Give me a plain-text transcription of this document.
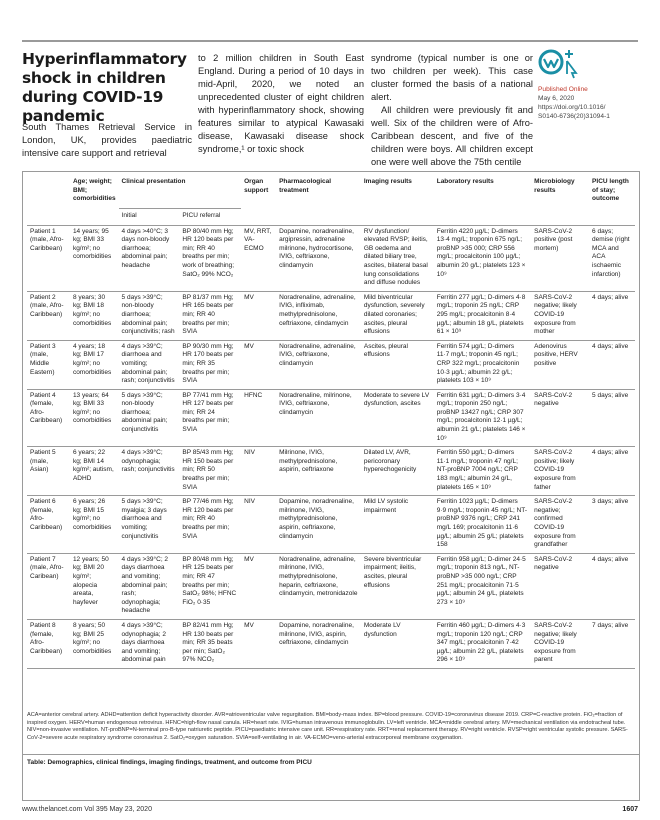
Hyperinflammatory shock in children during COVID-19 pandemic
South Thames Retrieval Service in London, UK, provides paediatric intensive care support and retrieval
to 2 million children in South East England. During a period of 10 days in mid-April, 2020, we noted an unprecedented cluster of eight children with hyperinflammatory shock, showing features similar to atypical Kawasaki disease, Kawasaki disease shock syndrome,¹ or toxic shock

syndrome (typical number is one or two children per week). This case cluster formed the basis of a national alert.

All children were previously fit and well. Six of the children were of Afro-Caribbean descent, and five of the children were boys. All children except one were well above the 75th centile

Published Online
May 6, 2020
https://doi.org/10.1016/
S0140-6736(20)31094-1
	Age; weight; BMI; comorbidities	Clinical presentation		Organ support	Pharmacological treatment	Imaging results	Laboratory results	Microbiology results	PICU length of stay; outcome
		Initial	PICU referral						
Patient 1 (male, Afro-Caribbean)	14 years; 95 kg; BMI 33 kg/m²; no comorbidities	4 days >40°C; 3 days non-bloody diarrhoea; abdominal pain; headache	BP 80/40 mm Hg; HR 120 beats per min; RR 40 breaths per min; work of breathing; SatO₂ 99% NCO₂	MV, RRT, VA-ECMO	Dopamine, noradrenaline, argipressin, adrenaline milrinone, hydrocortisone, IVIG, ceftriaxone, clindamycin	RV dysfunction/ elevated RVSP; ileitis, GB oedema and dilated biliary tree, ascites, bilateral basal lung consolidations and diffuse nodules	Ferritin 4220 µg/L; D-dimers 13·4 mg/L; troponin 675 ng/L; proBNP >35 000; CRP 556 mg/L; procalcitonin 100 µg/L; albumin 20 g/L; platelets 123 × 10⁹	SARS-CoV-2 positive (post mortem)	6 days; demise (right MCA and ACA ischaemic infarction)
Patient 2 (male, Afro-Caribbean)	8 years; 30 kg; BMI 18 kg/m²; no comorbidities	5 days >39°C; non-bloody diarrhoea; abdominal pain; conjunctivitis; rash	BP 81/37 mm Hg; HR 165 beats per min; RR 40 breaths per min; SVIA	MV	Noradrenaline, adrenaline, IVIG, infliximab, methylprednisolone, ceftriaxone, clindamycin	Mild biventricular dysfunction, severely dilated coronaries; ascites, pleural effusions	Ferritin 277 µg/L; D-dimers 4·8 mg/L; troponin 25 ng/L; CRP 295 mg/L; procalcitonin 8·4 µg/L; albumin 18 g/L, platelets 61 × 10⁹	SARS-CoV-2 negative; likely COVID-19 exposure from mother	4 days; alive
Patient 3 (male, Middle Eastern)	4 years; 18 kg; BMI 17 kg/m²; no comorbidities	4 days >39°C; diarrhoea and vomiting; abdominal pain; rash; conjunctivitis	BP 90/30 mm Hg; HR 170 beats per min; RR 35 breaths per min; SVIA	MV	Noradrenaline, adrenaline, IVIG, ceftriaxone, clindamycin	Ascites, pleural effusions	Ferritin 574 µg/L; D-dimers 11·7 mg/L; troponin 45 ng/L; CRP 322 mg/L; procalcitonin 10·3 µg/L; albumin 22 g/L; platelets 103 × 10⁹	Adenovirus positive, HERV positive	4 days; alive
Patient 4 (female, Afro-Caribbean)	13 years; 64 kg; BMI 33 kg/m²; no comorbidities	5 days >39°C; non-bloody diarrhoea; abdominal pain; conjunctivitis	BP 77/41 mm Hg; HR 127 beats per min; RR 24 breaths per min; SVIA	HFNC	Noradrenaline, milrinone, IVIG, ceftriaxone, clindamycin	Moderate to severe LV dysfunction, ascites	Ferritin 631 µg/L; D-dimers 3·4 mg/L; troponin 250 ng/L; proBNP 13427 ng/L; CRP 307 mg/L; procalcitonin 12·1 µg/L; albumin 21 g/L; platelets 146 × 10⁹	SARS-CoV-2 negative	5 days; alive
Patient 5 (male, Asian)	6 years; 22 kg; BMI 14 kg/m²; autism, ADHD	4 days >39°C; odynophagia; rash; conjunctivitis	BP 85/43 mm Hg; HR 150 beats per min; RR 50 breaths per min; SVIA	NIV	Milrinone, IVIG, methylprednisolone, aspirin, ceftriaxone	Dilated LV, AVR, pericoronary hyperechogenicity	Ferritin 550 µg/L; D-dimers 11·1 mg/L; troponin 47 ng/L; NT-proBNP 7004 ng/L; CRP 183 mg/L; albumin 24 g/L, platelets 165 × 10⁹	SARS-CoV-2 positive; likely COVID-19 exposure from father	4 days; alive
Patient 6 (female, Afro-Caribbean)	6 years; 26 kg; BMI 15 kg/m²; no comorbidities	5 days >39°C; myalgia; 3 days diarrhoea and vomiting; conjunctivitis	BP 77/46 mm Hg; HR 120 beats per min; RR 40 breaths per min; SVIA	NIV	Dopamine, noradrenaline, milrinone, IVIG, methylprednisolone, aspirin, ceftriaxone, clindamycin	Mild LV systolic impairment	Ferritin 1023 µg/L; D-dimers 9·9 mg/L; troponin 45 ng/L; NT-proBNP 9376 ng/L; CRP 241 mg/L 169; procalcitonin 11·6 µg/L; albumin 25 g/L; platelets 158	SARS-CoV-2 negative; confirmed COVID-19 exposure from grandfather	3 days; alive
Patient 7 (male, Afro-Caribean)	12 years; 50 kg; BMI 20 kg/m²; alopecia areata, hayfever	4 days >39°C; 2 days diarrhoea and vomiting; abdominal pain; rash; odynophagia; headache	BP 80/48 mm Hg; HR 125 beats per min; RR 47 breaths per min; SatO₂ 98%; HFNC FiO₂ 0·35	MV	Noradrenaline, adrenaline, milrinone, IVIG, methylprednisolone, heparin, ceftriaxone, clindamycin, metronidazole	Severe biventricular impairment; ileitis, ascites, pleural effusions	Ferritin 958 µg/L; D-dimer 24·5 mg/L; troponin 813 ng/L, NT-proBNP >35 000 ng/L; CRP 251 mg/L; procalcitonin 71·5 µg/L; albumin 24 g/L, platelets 273 × 10⁹	SARS-CoV-2 negative	4 days; alive
Patient 8 (female, Afro-Caribbean)	8 years; 50 kg; BMI 25 kg/m²; no comorbidities	4 days >39°C; odynophagia; 2 days diarrhoea and vomiting; abdominal pain	BP 82/41 mm Hg; HR 130 beats per min; RR 35 beats per min; SatO₂ 97% NCO₂	MV	Dopamine, noradrenaline, milrinone, IVIG, aspirin, ceftriaxone, clindamycin	Moderate LV dysfunction	Ferritin 460 µg/L; D-dimers 4·3 mg/L; troponin 120 ng/L; CRP 347 mg/L; procalcitonin 7·42 µg/L; albumin 22 g/L, platelets 296 × 10⁹	SARS-CoV-2 negative; likely COVID-19 exposure from parent	7 days; alive
ACA=anterior cerebral artery. ADHD=attention deficit hyperactivity disorder. AVR=atrioventricular valve regurgitation. BMI=body-mass index. BP=blood pressure. COVID-19=coronavirus disease 2019. CRP=C-reactive protein. FiO₂=fraction of inspired oxygen. HERV=human endogenous retrovirus. HFNC=high-flow nasal canula. HR=heart rate. IVIG=human intravenous immunoglobulin. LV=left ventricle. MCA=middle cerebral artery. MV=mechanical ventilation via endotracheal tube. NIV=non-invasive ventilation. NT-proBNP=N-terminal pro-B-type natriuretic peptide. PICU=paediatric intensive care unit. RR=respiratory rate. RRT=renal replacement therapy. RV=right ventricle. RVSP=right ventricular systolic pressure. SARS-CoV-2=severe acute respiratory syndrome coronavirus 2. SatO₂=oxygen saturation. SVIA=self-ventilating in air. VA-ECMO=veno-arterial extracorporeal membrane oxygenation.
Table: Demographics, clinical findings, imaging findings, treatment, and outcome from PICU
www.thelancet.com Vol 395 May 23, 2020	1607
